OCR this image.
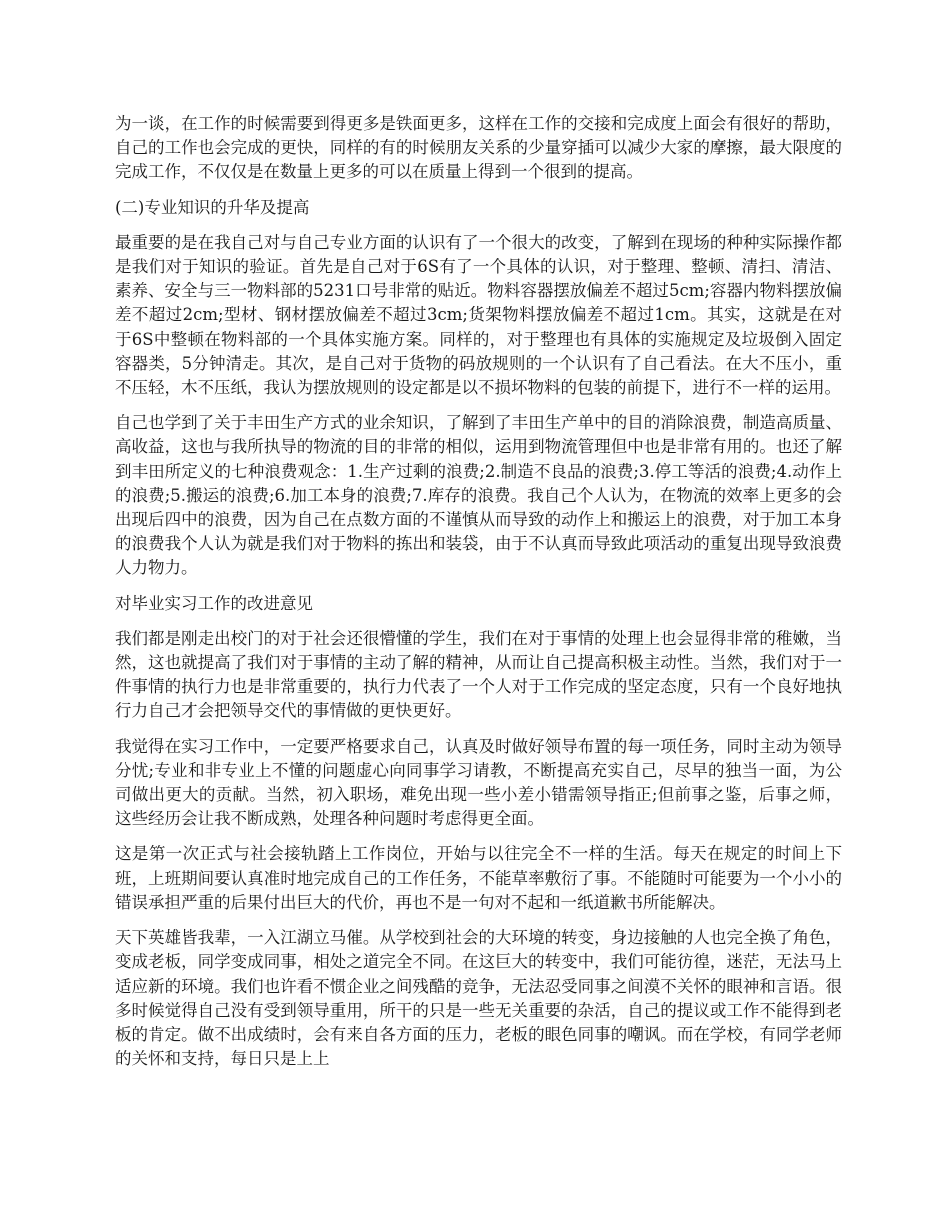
为一谈，在工作的时候需要到得更多是铁面更多，这样在工作的交接和完成度上面会有很好的帮助，自己的工作也会完成的更快，同样的有的时候朋友关系的少量穿插可以减少大家的摩擦，最大限度的完成工作，不仅仅是在数量上更多的可以在质量上得到一个很到的提高。

(二)专业知识的升华及提高

最重要的是在我自己对与自己专业方面的认识有了一个很大的改变，了解到在现场的种种实际操作都是我们对于知识的验证。首先是自己对于6S有了一个具体的认识，对于整理、整顿、清扫、清洁、素养、安全与三一物料部的5231口号非常的贴近。物料容器摆放偏差不超过5cm;容器内物料摆放偏差不超过2cm;型材、钢材摆放偏差不超过3cm;货架物料摆放偏差不超过1cm。其实，这就是在对于6S中整顿在物料部的一个具体实施方案。同样的，对于整理也有具体的实施规定及垃圾倒入固定容器类，5分钟清走。其次，是自己对于货物的码放规则的一个认识有了自己看法。在大不压小，重不压轻，木不压纸，我认为摆放规则的设定都是以不损坏物料的包装的前提下，进行不一样的运用。

自己也学到了关于丰田生产方式的业余知识，了解到了丰田生产单中的目的消除浪费，制造高质量、高收益，这也与我所执导的物流的目的非常的相似，运用到物流管理但中也是非常有用的。也还了解到丰田所定义的七种浪费观念：1.生产过剩的浪费;2.制造不良品的浪费;3.停工等活的浪费;4.动作上的浪费;5.搬运的浪费;6.加工本身的浪费;7.库存的浪费。我自己个人认为，在物流的效率上更多的会出现后四中的浪费，因为自己在点数方面的不谨慎从而导致的动作上和搬运上的浪费，对于加工本身的浪费我个人认为就是我们对于物料的拣出和装袋，由于不认真而导致此项活动的重复出现导致浪费人力物力。

对毕业实习工作的改进意见

我们都是刚走出校门的对于社会还很懵懂的学生，我们在对于事情的处理上也会显得非常的稚嫩，当然，这也就提高了我们对于事情的主动了解的精神，从而让自己提高积极主动性。当然，我们对于一件事情的执行力也是非常重要的，执行力代表了一个人对于工作完成的坚定态度，只有一个良好地执行力自己才会把领导交代的事情做的更快更好。

我觉得在实习工作中，一定要严格要求自己，认真及时做好领导布置的每一项任务，同时主动为领导分忧;专业和非专业上不懂的问题虚心向同事学习请教，不断提高充实自己，尽早的独当一面，为公司做出更大的贡献。当然，初入职场，难免出现一些小差小错需领导指正;但前事之鉴，后事之师，这些经历会让我不断成熟，处理各种问题时考虑得更全面。

这是第一次正式与社会接轨踏上工作岗位，开始与以往完全不一样的生活。每天在规定的时间上下班，上班期间要认真准时地完成自己的工作任务，不能草率敷衍了事。不能随时可能要为一个小小的错误承担严重的后果付出巨大的代价，再也不是一句对不起和一纸道歉书所能解决。

天下英雄皆我辈，一入江湖立马催。从学校到社会的大环境的转变，身边接触的人也完全换了角色，变成老板，同学变成同事，相处之道完全不同。在这巨大的转变中，我们可能彷徨，迷茫，无法马上适应新的环境。我们也许看不惯企业之间残酷的竞争，无法忍受同事之间漠不关怀的眼神和言语。很多时候觉得自己没有受到领导重用，所干的只是一些无关重要的杂活，自己的提议或工作不能得到老板的肯定。做不出成绩时，会有来自各方面的压力，老板的眼色同事的嘲讽。而在学校，有同学老师的关怀和支持，每日只是上上
